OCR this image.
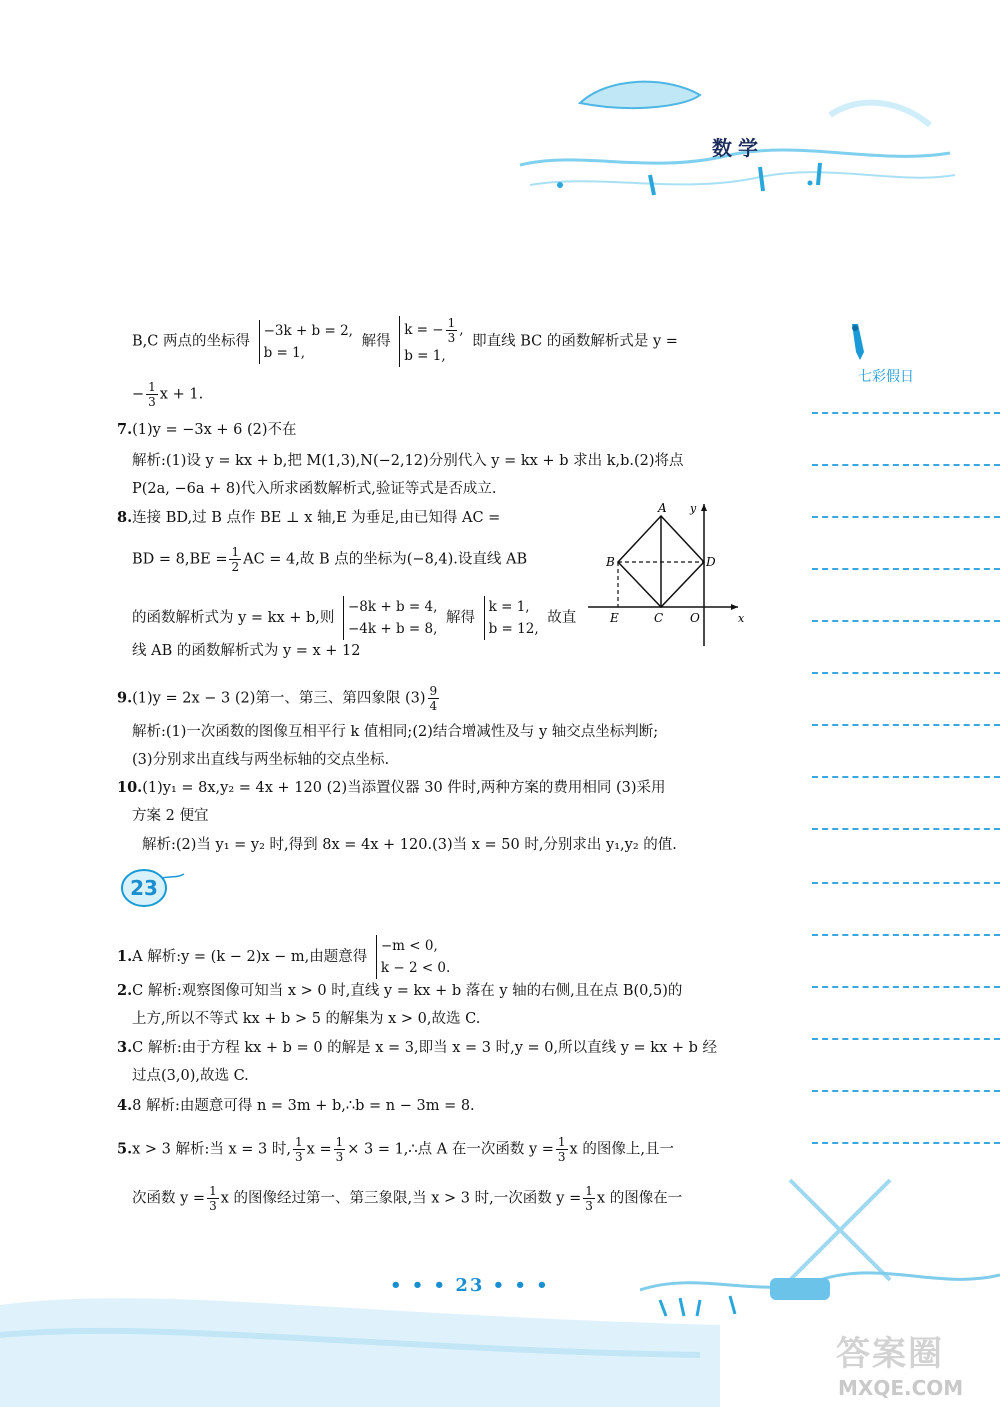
数学
七彩假日
B,C 两点的坐标得 −3k + b = 2,
b = 1, 解得 k = − $\frac{1}{3}$ ,
b = 1, 即直线 BC 的函数解析式是 y =
− $\frac{1}{3}$ x + 1.
7.(1)y = −3x + 6 (2)不在
解析:(1)设 y = kx + b,把 M(1,3),N(−2,12)分别代入 y = kx + b 求出 k,b.(2)将点
P(2a, −6a + 8)代入所求函数解析式,验证等式是否成立.
8.连接 BD,过 B 点作 BE ⊥ x 轴,E 为垂足,由已知得 AC =
BD = $8,BE = \frac{1}{2}$ AC = 4,故 B 点的坐标为(−8,4).设直线 AB
的函数解析式为 y = kx + b,则 −8k + b = 4,
−4k + b = 8, 解得 k = 1,
b = 12, 故直
线 AB 的函数解析式为 y = x + 12
A
B
C
D
E	O	x
y
9.(1)y = 2x − 3 (2)第一、第三、第四象限 $(3) \frac{9}{4}$
解析:(1)一次函数的图像互相平行 k 值相同;(2)结合增减性及与 y 轴交点坐标判断;
(3)分别求出直线与两坐标轴的交点坐标.
10.(1)y₁ = 8x,y₂ = 4x + 120 (2)当添置仪器 30 件时,两种方案的费用相同 (3)采用
方案 2 便宜
解析:(2)当 y₁ = y₂ 时,得到 8x = 4x + 120.(3)当 x = 50 时,分别求出 y₁,y₂ 的值.
23
1.A 解析:y = (k − 2)x − m,由题意得 −m < 0,
k − 2 < 0.
2.C 解析:观察图像可知当 x > 0 时,直线 y = kx + b 落在 y 轴的右侧,且在点 B(0,5)的
上方,所以不等式 kx + b > 5 的解集为 x > 0,故选 C.
3.C 解析:由于方程 kx + b = 0 的解是 x = 3,即当 x = 3 时,y = 0,所以直线 y = kx + b 经
过点(3,0),故选 C.
4.8 解析:由题意可得 n = 3m + b,∴b = n − 3m = 8.
5.x > 3 解析:当 x = 3 时, $\frac{1}{3}$ $x = \frac{1}{3} \times 3$ = 1,∴点 A 在一次函数 $y = \frac{1}{3}$ x 的图像上,且一
次函数 $y = \frac{1}{3}$ x 的图像经过第一、第三象限,当 x > 3 时,一次函数 $y = \frac{1}{3}$ x 的图像在一
• • • 23 • • •
答案圈
MXQE.COM
